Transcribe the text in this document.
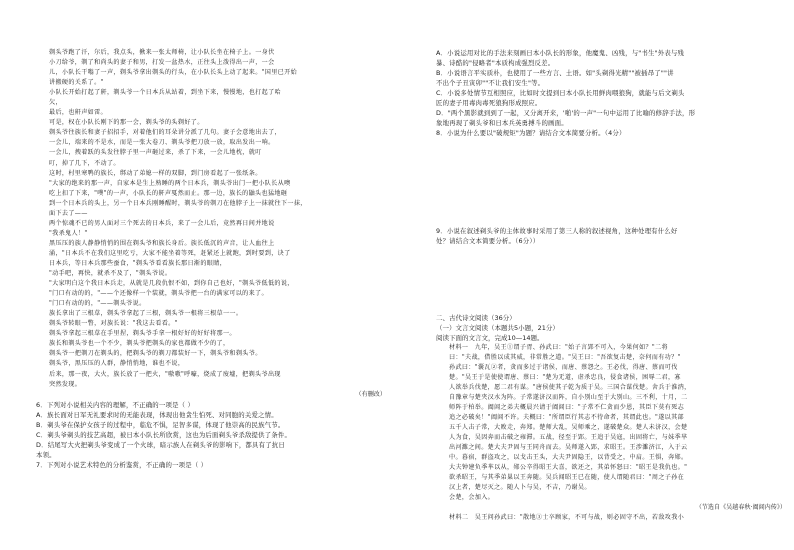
剃头爷跑了汗，尔后，我点头，揪来一张太师椅，让小队长坐在椅子上。一身伏

小刀给爷，剃了和尚头的妻子和男，打发一盆热水，正往头上泼得出一声，一会

儿，小队长干嗡了一声，剃头爷拿出剃头的行头，在小队长头上动了起来。"国里已开始

讲搬硬的关系了。"

小队长开始打起了鼾，剃头爷一个日本兵从站着，到坐下来，慢慢地，也打起了哈

欠，

最后，也鼾声如雷。

可是，权在小队长刚下的那一会，剃头爷的头剃好了。

剃头爷往族长和妻子招招手，对着他们的耳朵讲分派了几句。妻子会意地出去了，

一会儿，端来的不是水，而是一张大卷刀、剃头爷把刀放一放，取出发出一响。

一会儿，拽着跃的头发往脖子里一声砸过来，杀了下来，一会儿地枕，就叮

叮，掉了几下，不动了。

这时，村里寒鸭的族长，绑动了弟媳一样的双脚，到门房看起了一张纸条。

"大家的绝来的那一声，自家本是生上熟睡的两个日本兵，剃头爷出门一把小队长从噢

吃上扣了下来，"噗"的一声，小队长的鼾声戛然而止。那一边，族长的鼬头也猛地砸

到一个日本兵的头上，另一个日本兵刚睡醒时，剃头爷的剃刀在他脖子上一抹就往下一抹，

面下去了——

两个惊魂不已的男人面对三个死去的日本兵，来了一会儿后，竟然再日间并地说

"我杀鬼人！"

黑压压的族人静静悄悄的围在剃头爷和族长身后。族长低沉的声音，让人血往上

涌，"日本兵不在我们这里吃亏，大家不能坐着等死，赶紧还上就跑，到时要到，诀了

日本兵，等日本兵那些蚕食，"剃头爷看看族长那日渐的眼睛，

"动手吧，再快，就杀不及了，"剃头爷说。

"大家明白这个我日本兵走，从就是几段仇恨不如，到你自己也好，"剃头爷低低的说，

"门口有动的的，"——个还像样一个装就，剃头爷把一台的满家可以的来了。

"门口有动的的，"——剃头爷说。

族长拿出了三根草，剃头爷拿起了三根，剃头爷一根将三根草一一。

剃头爷转眼一瞥，对族长说："我这去看看。"

剃头爷拿起三根草在手里捏，剃头爷手拿一根好好的好好将那一。

族长和剃头爷也一个不少，剃头爷把剃头的家也都做不少的了，

剃头爷一把剃刀在剃头的，把剃头爷的剃刀都装好一下，剃头爷和剃头爷。

剃头爷，黑压压的人群，静悄悄地，谁也不说，

后来，那一夜，大火，族长放了一把火，"嗷嗷"呼嚎，烧成了废墟，把剃头爷出现

突然发现。

（有删改）

6．下列对小说相关内容的理解，不正确的一项是（ ）

A．族长面对日军无礼要求时的无能表现，体现出他贪生怕死、对同胞的关爱之情。

B．剃头爷在保护女孩子的过程中，临危不惧，足智多谋，体现了他崇高的民族气节。

C．剃头爷剃头的技艺高超，被日本小队长所欣赏，这也为后面剃头爷杀敌提供了条件。

D．结尾写大火把剃头爷变成了一个火球，暗示族人在剃头爷的影响下，都具有了抗日

本领。

7．下列对小说艺术特色的分析鉴赏，不正确的一项是（ ）

A．小说运用对比的手法来刻画日本小队长的形象，他魔鬼、凶残，与"书生"外表与残

暴、诗酷的"侵略者"本质构成强烈反差。

B．小说语言平实质朴，也使用了一些方言、土语。如"头剃得光精""被插昂了""讲

不出个子丑寅卯""不让我们安生"等。

C．小说多处情节互相照应，比如时文提到日本小队长用鲜肉喂狼狗，就能与后文剃头

匠的妻子用毒肉毒死狼狗形成照应。

D．"两个黑影就到到了一起，又分离开来，'啪'的一声"一句中运用了比喻的修辞手法，形

象地再现了剃头爷和日本兵英勇搏斗的画面。

8．小说为什么要以"破规矩"为题？请结合文本简要分析。（4分）

9．小说在叙述剃头爷的主体故事时采用了第三人称的叙述视角，这种处理有什么好

处？请结合文本简要分析。（6分））

二、古代诗文阅读（36分）

（一）文言文阅读（本题共5小题，21分）

阅读下面的文言文，完成10—14题。

材料一　九年，吴王①谓子胥、孙武曰："始子言郢不可入，今果何如？"二将

曰："夫战，借胜以成其威，非常胜之道。"吴王曰："吾欲复击楚，奈何而有功？"

孙武曰："囊瓦②者，贪而多过于诸侯，而唐、蔡怨之。王必伐，得唐、蔡而可伐

楚。"吴王于是使使谓唐、蔡曰："楚为无道，虐杀忠良，侵食诸侯，困辱二君，寡

人欲举兵伐楚，愿二君有谋。"唐侯使其子乾为质于吴。三国合谋伐楚。舍兵于淮汭，

自豫章与楚夹汉水为阵。子常遂济汉而阵，自小别山至于大别山。三不利，十月，二

师阵于柏举。阖闾之弟夫概晨兴请于阖闾曰："子常不仁贪而少恩，其臣下莫有死志

追之必破矣！"阖闾不许。夫概曰："所谓臣行其志不待命者，其谓此也。"遂以其部

五千人击子常，大败走，奔郑。楚师大乱，吴师乘之，遂破楚众。楚人未济汉，会楚

人为食，吴因奔而击破之雍滞。五战，径至于郢。王追于吴寇，出固将亡，与妹季芈

出河濉之间。楚大夫尹固与王同舟而去。吴师遂入郢，求昭王。王涉濉济江，入于云

中。暮宿，群盗攻之，以戈击王头，大夫尹固隐王，以背受之，中肩。王惧，奔郧。

大夫钟建负季芈以从，郧公辛得昭王大喜，欲还之，其弟怀怒曰："昭王是我仇也。"

欲杀昭王，与其季弟巢以王奔随。吴兵闻昭王已在随，使人谓随君曰："周之子孙在

汉上者，楚尽灭之。随人卜与吴，不吉，乃谢吴。

会楚，会加入。

（节选自《吴越春秋·阖闾内传》）

材料二　吴王问孙武曰："散地③士卒顾家，不可与战，则必固守不出，若敌攻我小
